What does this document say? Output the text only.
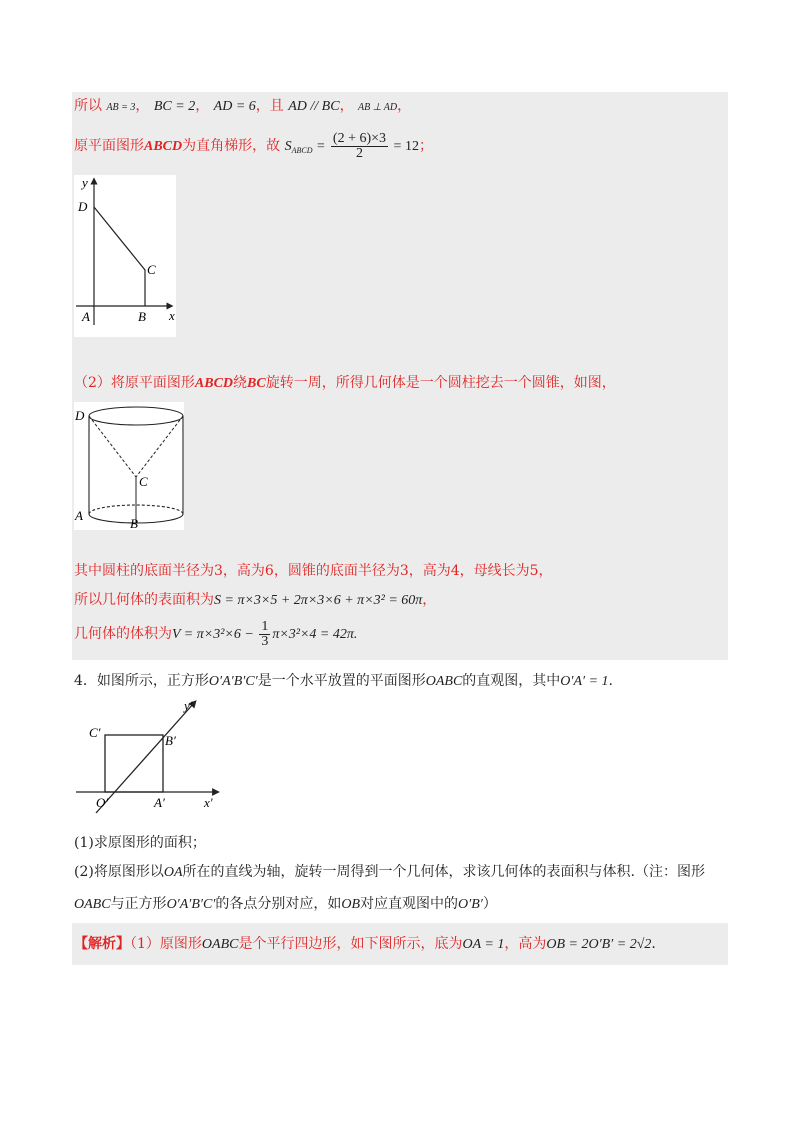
所以 AB = 3， BC = 2， AD = 6，且 AD // BC， AB ⊥ AD，
原平面图形ABCD为直角梯形，故 $S_{ABCD} = \frac{(2 + 6)\times 3}{2} = 12$；
y
x
D
C
A	B
（2）将原平面图形ABCD绕BC旋转一周，所得几何体是一个圆柱挖去一个圆锥，如图，
D
C
A
B
其中圆柱的底面半径为3，高为6，圆锥的底面半径为3，高为4，母线长为5，
所以几何体的表面积为S = π×3×5 + 2π×3×6 + π×3² = 60π，
几何体的体积为$V = \pi\times 3^2\times 6 - \frac{1}{3} \pi\times 3^2\times 4 = 42\pi$.
4．如图所示，正方形O′A′B′C′是一个水平放置的平面图形OABC的直观图，其中O′A′ = 1.
y′
x′
C′
B′
O′	A′
(1)求原图形的面积；
(2)将原图形以OA所在的直线为轴，旋转一周得到一个几何体，求该几何体的表面积与体积.（注：图形
OABC与正方形O′A′B′C′的各点分别对应，如OB对应直观图中的O′B′）
【解析】（1）原图形OABC是个平行四边形，如下图所示，底为OA = 1，高为OB = 2O′B′ = 2√2.
